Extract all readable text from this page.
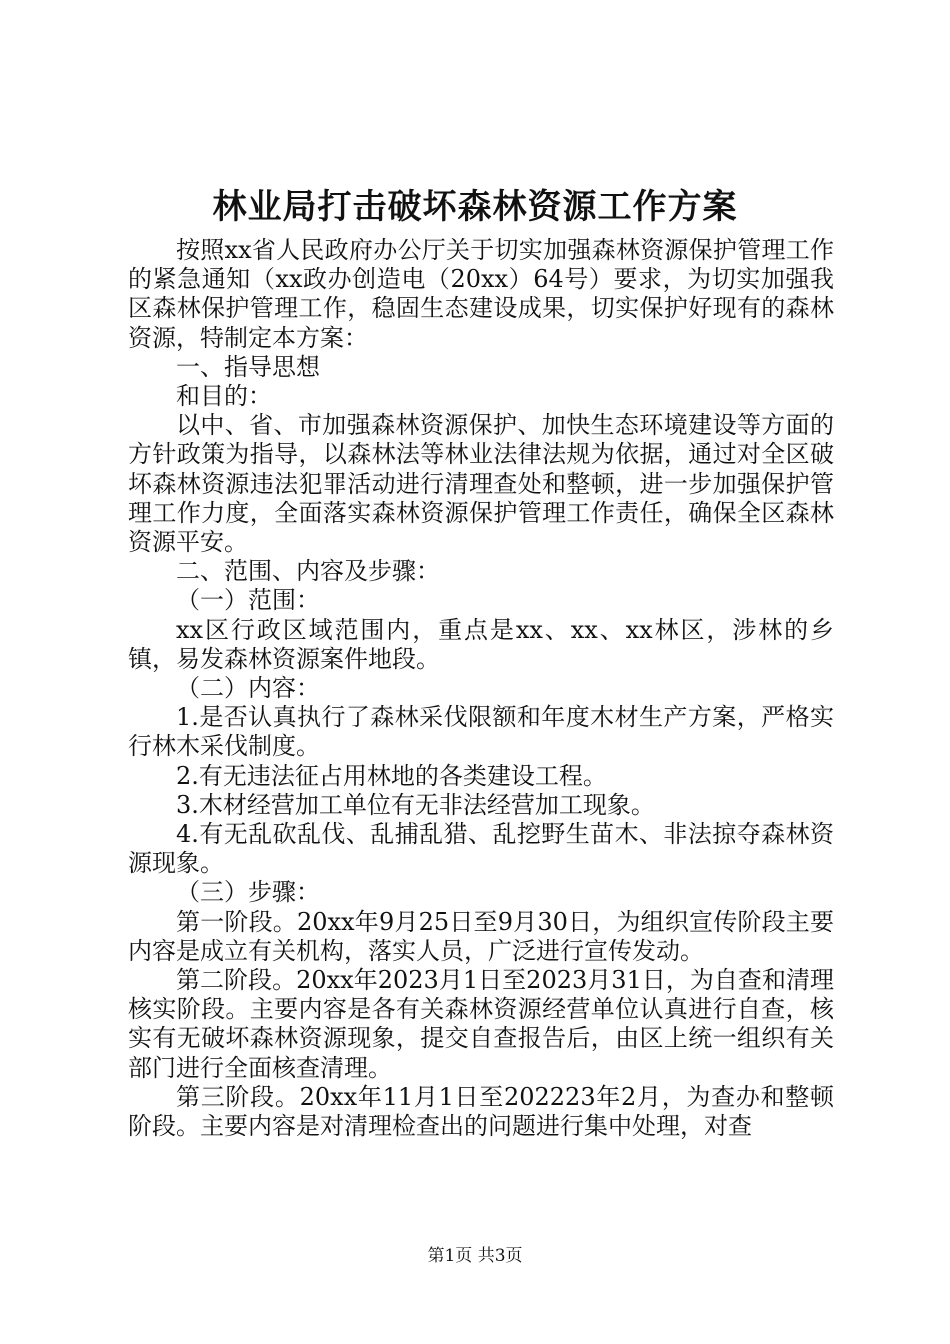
林业局打击破坏森林资源工作方案

按照xx省人民政府办公厅关于切实加强森林资源保护管理工作的紧急通知（xx政办创造电（20xx）64号）要求，为切实加强我区森林保护管理工作，稳固生态建设成果，切实保护好现有的森林资源，特制定本方案：

一、指导思想

和目的：

以中、省、市加强森林资源保护、加快生态环境建设等方面的方针政策为指导，以森林法等林业法律法规为依据，通过对全区破坏森林资源违法犯罪活动进行清理查处和整顿，进一步加强保护管理工作力度，全面落实森林资源保护管理工作责任，确保全区森林资源平安。

二、范围、内容及步骤：

（一）范围：

xx区行政区域范围内，重点是xx、xx、xx林区，涉林的乡镇，易发森林资源案件地段。

（二）内容：

1.是否认真执行了森林采伐限额和年度木材生产方案，严格实行林木采伐制度。

2.有无违法征占用林地的各类建设工程。

3.木材经营加工单位有无非法经营加工现象。

4.有无乱砍乱伐、乱捕乱猎、乱挖野生苗木、非法掠夺森林资源现象。

（三）步骤：

第一阶段。20xx年9月25日至9月30日，为组织宣传阶段主要内容是成立有关机构，落实人员，广泛进行宣传发动。

第二阶段。20xx年2023月1日至2023月31日，为自查和清理核实阶段。主要内容是各有关森林资源经营单位认真进行自查，核实有无破坏森林资源现象，提交自查报告后，由区上统一组织有关部门进行全面核查清理。

第三阶段。20xx年11月1日至202223年2月，为查办和整顿阶段。主要内容是对清理检查出的问题进行集中处理，对查

第1页 共3页
